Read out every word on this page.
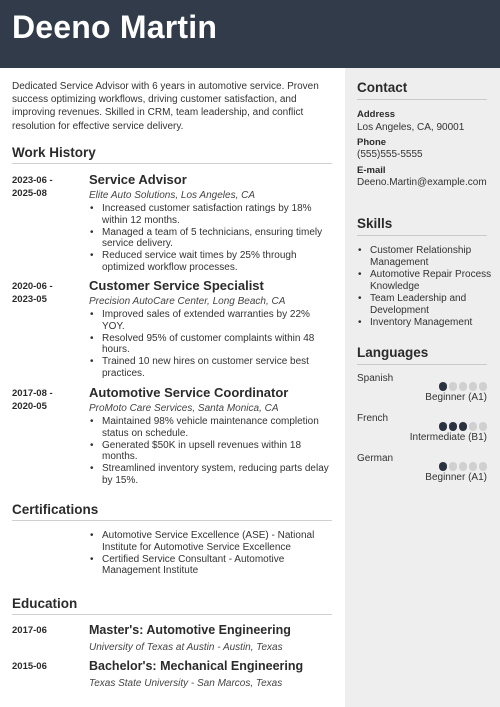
Deeno Martin
Dedicated Service Advisor with 6 years in automotive service. Proven success optimizing workflows, driving customer satisfaction, and improving revenues. Skilled in CRM, team leadership, and conflict resolution for effective service delivery.
Work History
2023-06 -
2025-08
Service Advisor
Elite Auto Solutions, Los Angeles, CA
• Increased customer satisfaction ratings by 18% within 12 months.
• Managed a team of 5 technicians, ensuring timely service delivery.
• Reduced service wait times by 25% through optimized workflow processes.
2020-06 -
2023-05
Customer Service Specialist
Precision AutoCare Center, Long Beach, CA
• Improved sales of extended warranties by 22% YOY.
• Resolved 95% of customer complaints within 48 hours.
• Trained 10 new hires on customer service best practices.
2017-08 -
2020-05
Automotive Service Coordinator
ProMoto Care Services, Santa Monica, CA
• Maintained 98% vehicle maintenance completion status on schedule.
• Generated $50K in upsell revenues within 18 months.
• Streamlined inventory system, reducing parts delay by 15%.
Certifications
• Automotive Service Excellence (ASE) - National Institute for Automotive Service Excellence
• Certified Service Consultant - Automotive Management Institute
Education
2017-06	Master's: Automotive Engineering
University of Texas at Austin - Austin, Texas
2015-06	Bachelor's: Mechanical Engineering
Texas State University - San Marcos, Texas
Contact
Address
Los Angeles, CA, 90001
Phone
(555)555-5555
E-mail
Deeno.Martin@example.com
Skills
• Customer Relationship Management
• Automotive Repair Process Knowledge
• Team Leadership and Development
• Inventory Management
Languages
Spanish
Beginner (A1)
French
Intermediate (B1)
German
Beginner (A1)
